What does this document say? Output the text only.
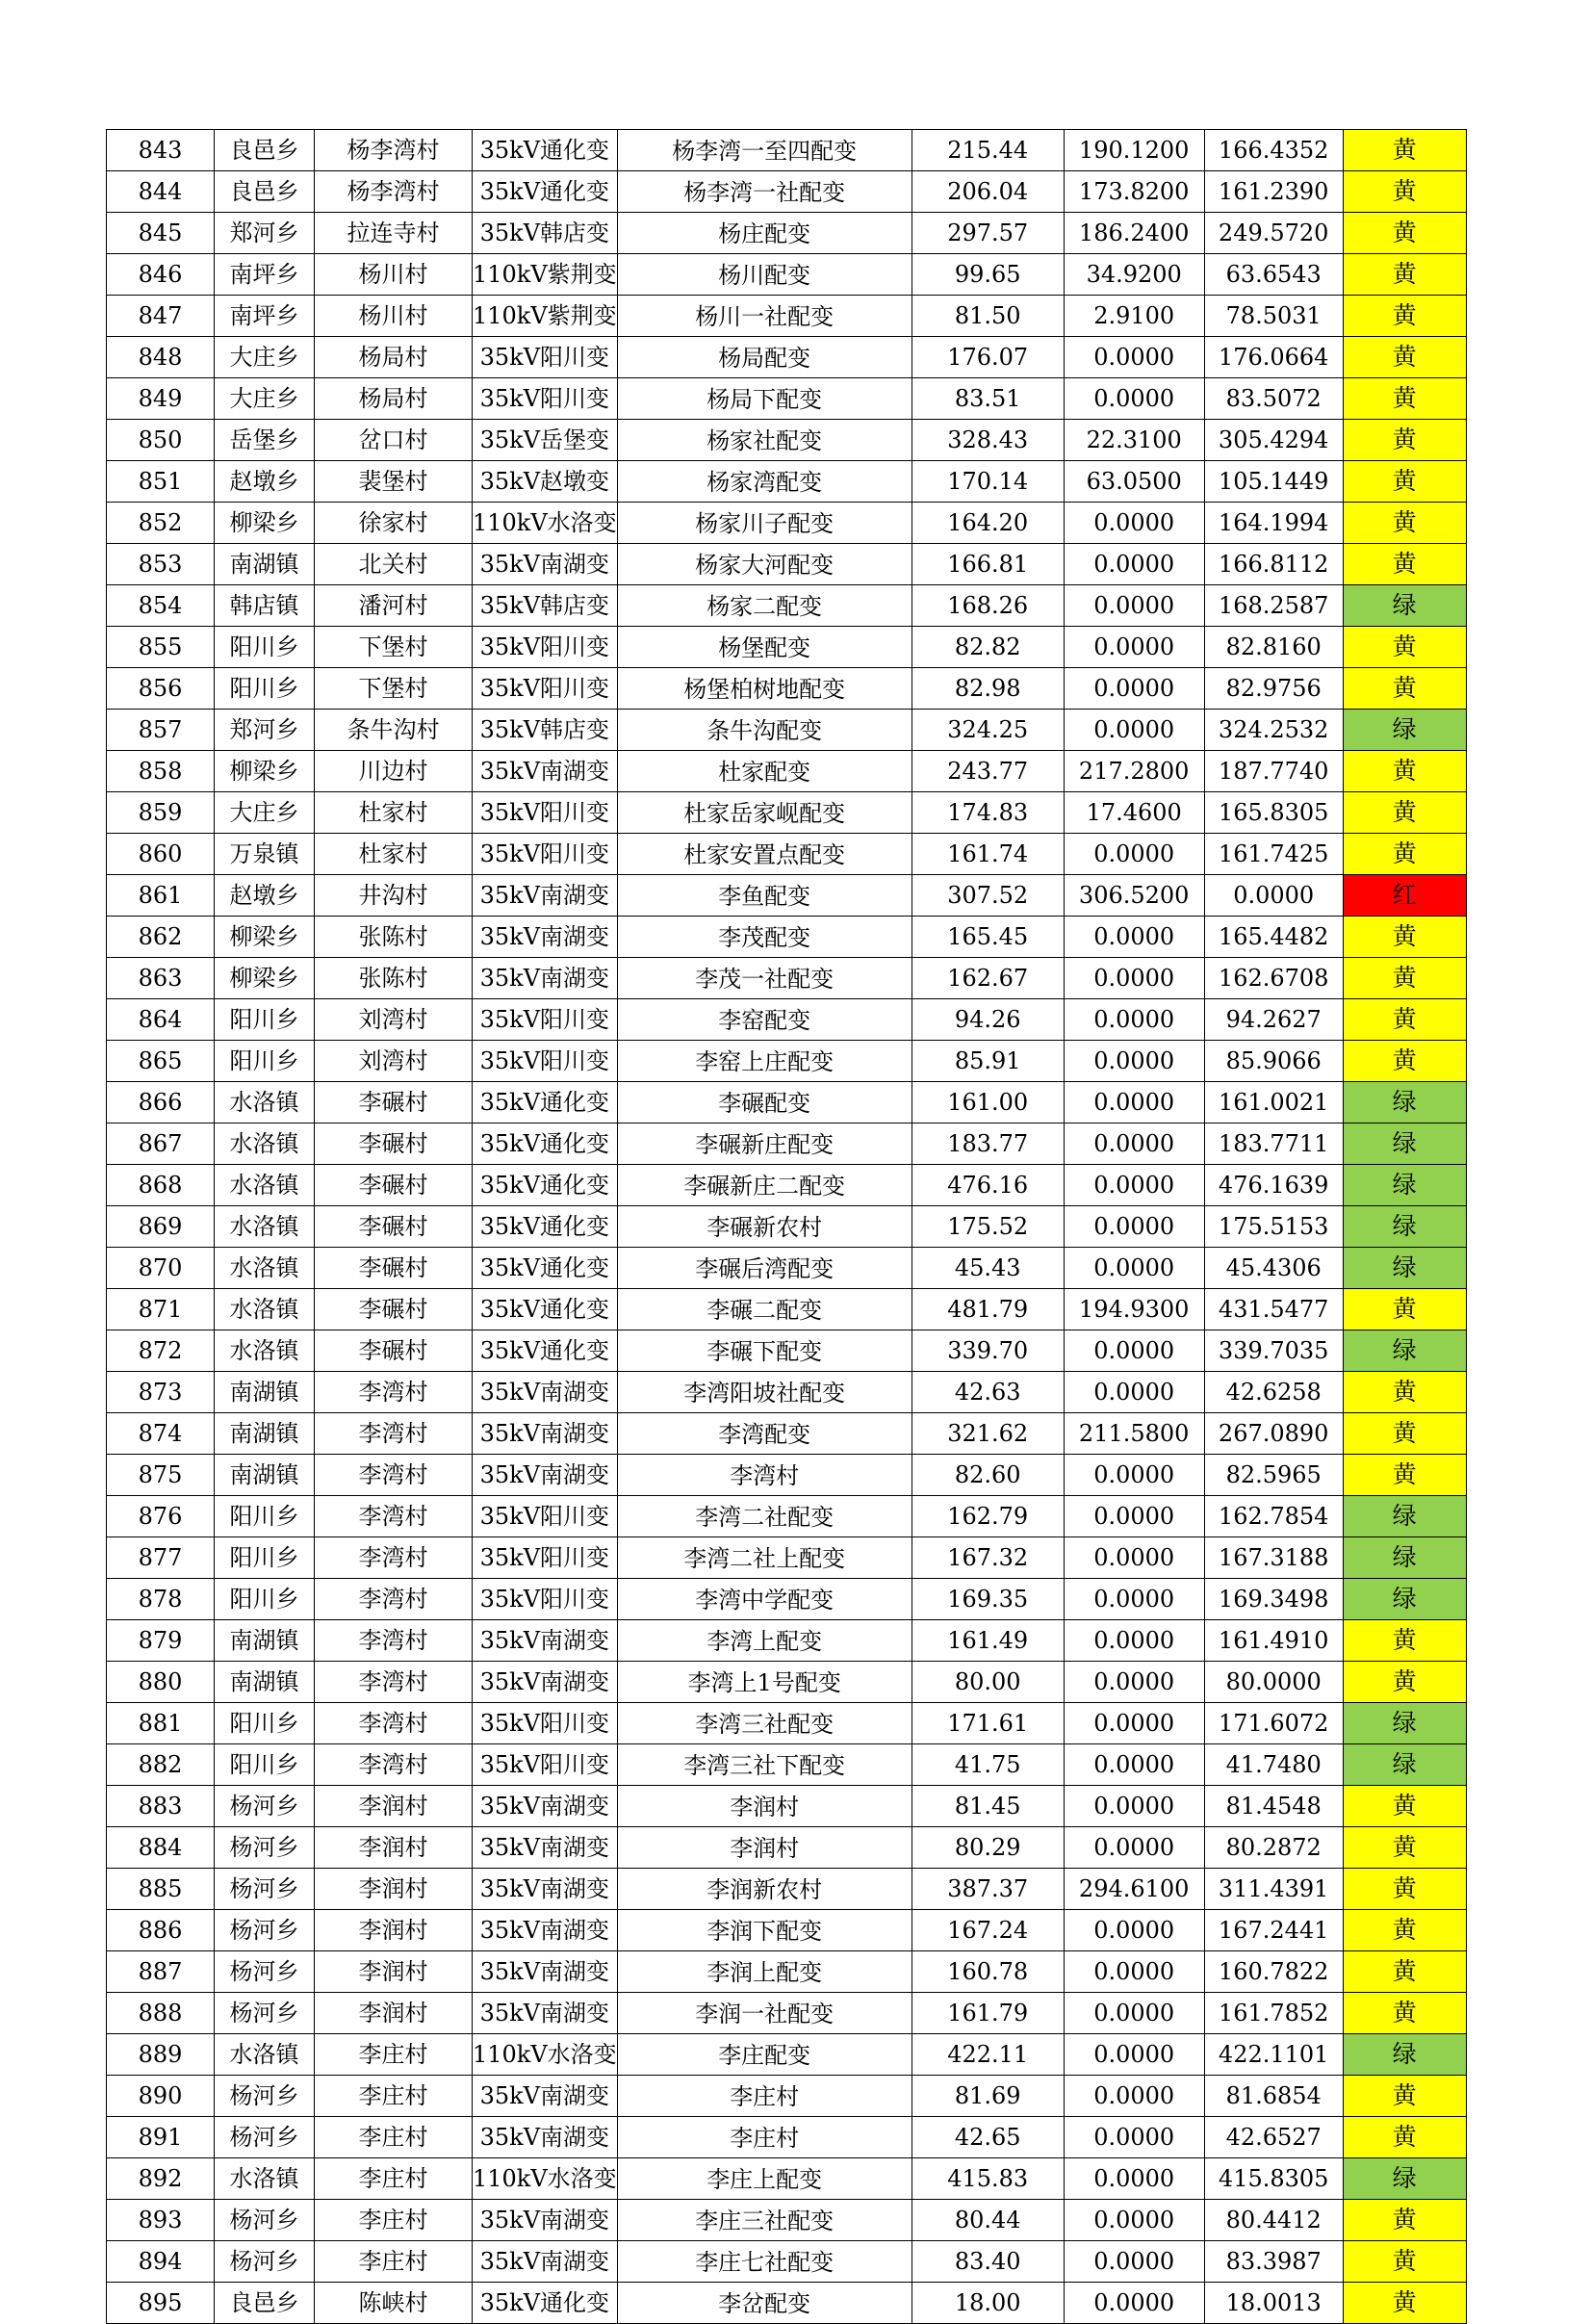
843	良邑乡	杨李湾村	35kV通化变	杨李湾一至四配变	215.44	190.1200	166.4352	黄
844	良邑乡	杨李湾村	35kV通化变	杨李湾一社配变	206.04	173.8200	161.2390	黄
845	郑河乡	拉连寺村	35kV韩店变	杨庄配变	297.57	186.2400	249.5720	黄
846	南坪乡	杨川村	110kV紫荆变	杨川配变	99.65	34.9200	63.6543	黄
847	南坪乡	杨川村	110kV紫荆变	杨川一社配变	81.50	2.9100	78.5031	黄
848	大庄乡	杨局村	35kV阳川变	杨局配变	176.07	0.0000	176.0664	黄
849	大庄乡	杨局村	35kV阳川变	杨局下配变	83.51	0.0000	83.5072	黄
850	岳堡乡	岔口村	35kV岳堡变	杨家社配变	328.43	22.3100	305.4294	黄
851	赵墩乡	裴堡村	35kV赵墩变	杨家湾配变	170.14	63.0500	105.1449	黄
852	柳梁乡	徐家村	110kV水洛变	杨家川子配变	164.20	0.0000	164.1994	黄
853	南湖镇	北关村	35kV南湖变	杨家大河配变	166.81	0.0000	166.8112	黄
854	韩店镇	潘河村	35kV韩店变	杨家二配变	168.26	0.0000	168.2587	绿
855	阳川乡	下堡村	35kV阳川变	杨堡配变	82.82	0.0000	82.8160	黄
856	阳川乡	下堡村	35kV阳川变	杨堡柏树地配变	82.98	0.0000	82.9756	黄
857	郑河乡	条牛沟村	35kV韩店变	条牛沟配变	324.25	0.0000	324.2532	绿
858	柳梁乡	川边村	35kV南湖变	杜家配变	243.77	217.2800	187.7740	黄
859	大庄乡	杜家村	35kV阳川变	杜家岳家岘配变	174.83	17.4600	165.8305	黄
860	万泉镇	杜家村	35kV阳川变	杜家安置点配变	161.74	0.0000	161.7425	黄
861	赵墩乡	井沟村	35kV南湖变	李鱼配变	307.52	306.5200	0.0000	红
862	柳梁乡	张陈村	35kV南湖变	李茂配变	165.45	0.0000	165.4482	黄
863	柳梁乡	张陈村	35kV南湖变	李茂一社配变	162.67	0.0000	162.6708	黄
864	阳川乡	刘湾村	35kV阳川变	李窑配变	94.26	0.0000	94.2627	黄
865	阳川乡	刘湾村	35kV阳川变	李窑上庄配变	85.91	0.0000	85.9066	黄
866	水洛镇	李碾村	35kV通化变	李碾配变	161.00	0.0000	161.0021	绿
867	水洛镇	李碾村	35kV通化变	李碾新庄配变	183.77	0.0000	183.7711	绿
868	水洛镇	李碾村	35kV通化变	李碾新庄二配变	476.16	0.0000	476.1639	绿
869	水洛镇	李碾村	35kV通化变	李碾新农村	175.52	0.0000	175.5153	绿
870	水洛镇	李碾村	35kV通化变	李碾后湾配变	45.43	0.0000	45.4306	绿
871	水洛镇	李碾村	35kV通化变	李碾二配变	481.79	194.9300	431.5477	黄
872	水洛镇	李碾村	35kV通化变	李碾下配变	339.70	0.0000	339.7035	绿
873	南湖镇	李湾村	35kV南湖变	李湾阳坡社配变	42.63	0.0000	42.6258	黄
874	南湖镇	李湾村	35kV南湖变	李湾配变	321.62	211.5800	267.0890	黄
875	南湖镇	李湾村	35kV南湖变	李湾村	82.60	0.0000	82.5965	黄
876	阳川乡	李湾村	35kV阳川变	李湾二社配变	162.79	0.0000	162.7854	绿
877	阳川乡	李湾村	35kV阳川变	李湾二社上配变	167.32	0.0000	167.3188	绿
878	阳川乡	李湾村	35kV阳川变	李湾中学配变	169.35	0.0000	169.3498	绿
879	南湖镇	李湾村	35kV南湖变	李湾上配变	161.49	0.0000	161.4910	黄
880	南湖镇	李湾村	35kV南湖变	李湾上1号配变	80.00	0.0000	80.0000	黄
881	阳川乡	李湾村	35kV阳川变	李湾三社配变	171.61	0.0000	171.6072	绿
882	阳川乡	李湾村	35kV阳川变	李湾三社下配变	41.75	0.0000	41.7480	绿
883	杨河乡	李润村	35kV南湖变	李润村	81.45	0.0000	81.4548	黄
884	杨河乡	李润村	35kV南湖变	李润村	80.29	0.0000	80.2872	黄
885	杨河乡	李润村	35kV南湖变	李润新农村	387.37	294.6100	311.4391	黄
886	杨河乡	李润村	35kV南湖变	李润下配变	167.24	0.0000	167.2441	黄
887	杨河乡	李润村	35kV南湖变	李润上配变	160.78	0.0000	160.7822	黄
888	杨河乡	李润村	35kV南湖变	李润一社配变	161.79	0.0000	161.7852	黄
889	水洛镇	李庄村	110kV水洛变	李庄配变	422.11	0.0000	422.1101	绿
890	杨河乡	李庄村	35kV南湖变	李庄村	81.69	0.0000	81.6854	黄
891	杨河乡	李庄村	35kV南湖变	李庄村	42.65	0.0000	42.6527	黄
892	水洛镇	李庄村	110kV水洛变	李庄上配变	415.83	0.0000	415.8305	绿
893	杨河乡	李庄村	35kV南湖变	李庄三社配变	80.44	0.0000	80.4412	黄
894	杨河乡	李庄村	35kV南湖变	李庄七社配变	83.40	0.0000	83.3987	黄
895	良邑乡	陈峡村	35kV通化变	李岔配变	18.00	0.0000	18.0013	黄
